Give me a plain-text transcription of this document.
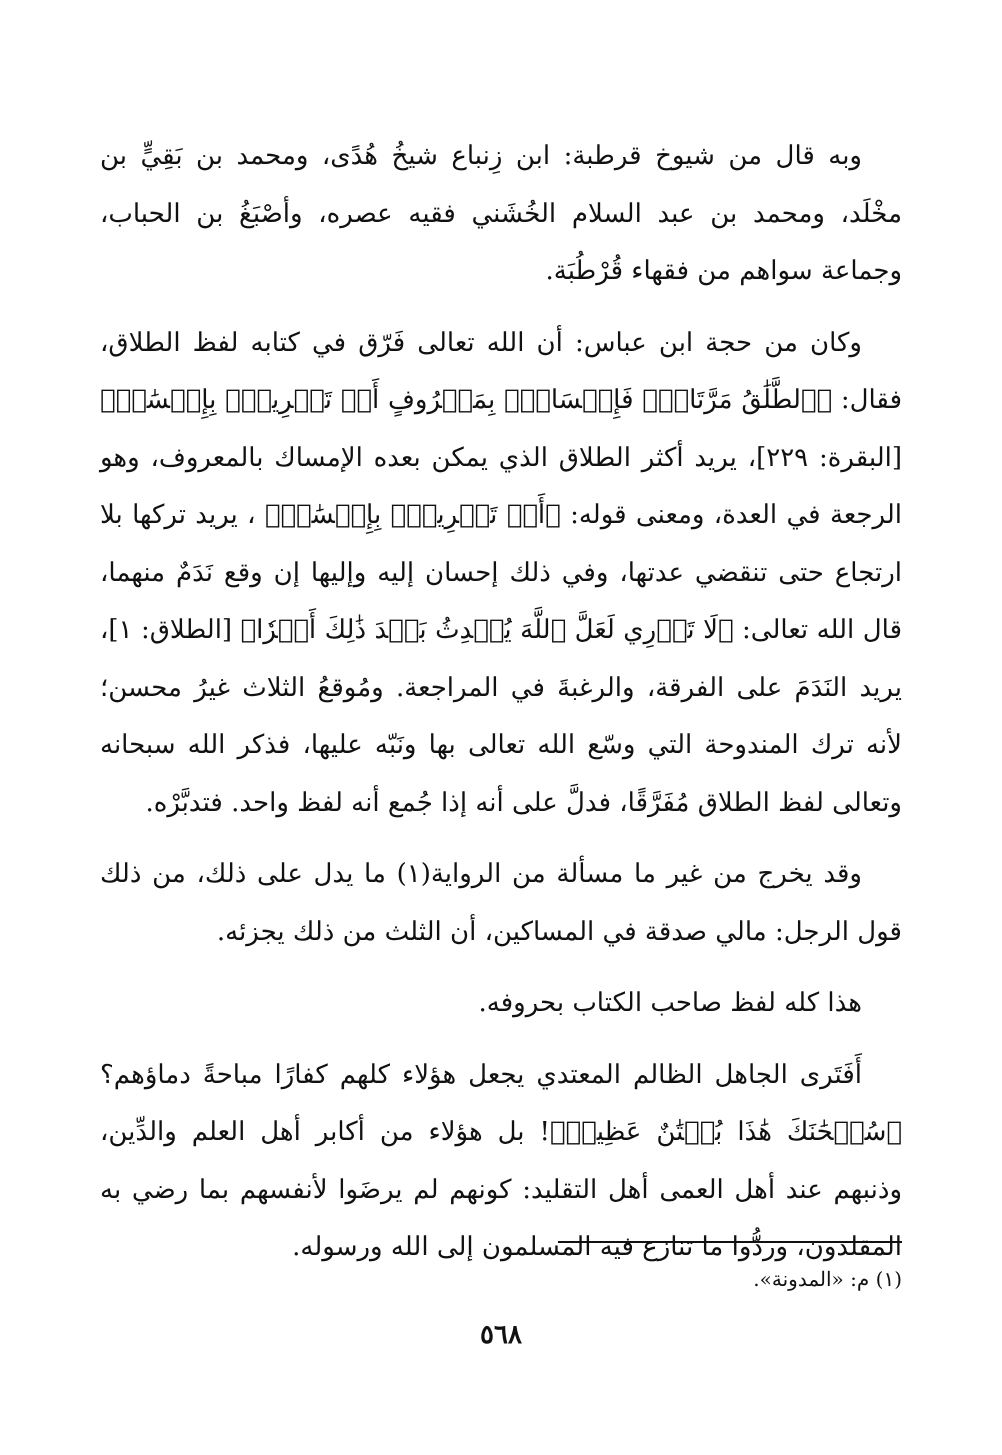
وبه قال من شيوخ قرطبة: ابن زِنباع شيخُ هُدًى، ومحمد بن بَقِيٍّ بن مخْلَد، ومحمد بن عبد السلام الخُشَني فقيه عصره، وأصْبَغُ بن الحباب، وجماعة سواهم من فقهاء قُرْطُبَة.

وكان من حجة ابن عباس: أن الله تعالى فَرّق في كتابه لفظ الطلاق، فقال: ﴿ٱلطَّلَٰقُ مَرَّتَانِۖ فَإِمۡسَاكُۢ بِمَعۡرُوفٍ أَوۡ تَسۡرِيحُۢ بِإِحۡسَٰنٖ﴾ [البقرة: ٢٢٩]، يريد أكثر الطلاق الذي يمكن بعده الإمساك بالمعروف، وهو الرجعة في العدة، ومعنى قوله: ﴿أَوۡ تَسۡرِيحُۢ بِإِحۡسَٰنٖ﴾ ، يريد تركها بلا ارتجاع حتى تنقضي عدتها، وفي ذلك إحسان إليه وإليها إن وقع نَدَمٌ منهما، قال الله تعالى: ﴿لَا تَدۡرِي لَعَلَّ ٱللَّهَ يُحۡدِثُ بَعۡدَ ذَٰلِكَ أَمۡرٗا﴾ [الطلاق: ١]، يريد النَدَمَ على الفرقة، والرغبةَ في المراجعة. ومُوقعُ الثلاث غيرُ محسن؛ لأنه ترك المندوحة التي وسّع الله تعالى بها ونَبّه عليها، فذكر الله سبحانه وتعالى لفظ الطلاق مُفَرَّقًا، فدلَّ على أنه إذا جُمع أنه لفظ واحد. فتدبَّرْه.

وقد يخرج من غير ما مسألة من الرواية(١) ما يدل على ذلك، من ذلك قول الرجل: مالي صدقة في المساكين، أن الثلث من ذلك يجزئه.

هذا كله لفظ صاحب الكتاب بحروفه.

أَفَتَرى الجاهل الظالم المعتدي يجعل هؤلاء كلهم كفارًا مباحةً دماؤهم؟ ﴿سُبۡحَٰنَكَ هَٰذَا بُهۡتَٰنٌ عَظِيمٞ﴾! بل هؤلاء من أكابر أهل العلم والدِّين، وذنبهم عند أهل العمى أهل التقليد: كونهم لم يرضَوا لأنفسهم بما رضي به المقلدون، وردُّوا ما تنازع فيه المسلمون إلى الله ورسوله.

(١) م: «المدونة».
٥٦٨
